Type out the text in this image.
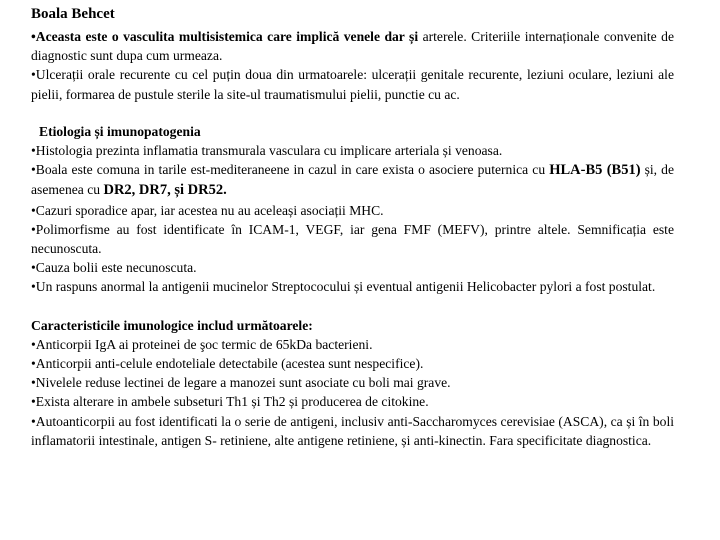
Boala Behcet

•Aceasta este o vasculita multisistemica care implică venele dar și arterele. Criteriile internaționale convenite de diagnostic sunt dupa cum urmeaza.

•Ulcerații orale recurente cu cel puțin doua din urmatoarele: ulcerații genitale recurente, leziuni oculare, leziuni ale pielii, formarea de pustule sterile la site-ul traumatismului pielii, punctie cu ac.

Etiologia și imunopatogenia

•Histologia prezinta inflamatia transmurala vasculara cu implicare arteriala și venoasa.

•Boala este comuna in tarile est-mediteraneene in cazul in care exista o asociere puternica cu HLA-B5 (B51) și, de asemenea cu DR2, DR7, și DR52.

•Cazuri sporadice apar, iar acestea nu au aceleași asociații MHC.

•Polimorfisme au fost identificate în ICAM-1, VEGF, iar gena FMF (MEFV), printre altele. Semnificația este necunoscuta.

•Cauza bolii este necunoscuta.

•Un raspuns anormal la antigenii mucinelor Streptococului și eventual antigenii Helicobacter pylori a fost postulat.

Caracteristicile imunologice includ următoarele:

•Anticorpii IgA ai proteinei de şoc termic de 65kDa bacterieni.

•Anticorpii anti-celule endoteliale detectabile (acestea sunt nespecifice).

•Nivelele reduse lectinei de legare a manozei sunt asociate cu boli mai grave.

•Exista alterare in ambele subseturi Th1 și Th2 și producerea de citokine.

•Autoanticorpii au fost identificati la o serie de antigeni, inclusiv anti-Saccharomyces cerevisiae (ASCA), ca și în boli inflamatorii intestinale, antigen S- retiniene, alte antigene retiniene, și anti-kinectin. Fara specificitate diagnostica.
